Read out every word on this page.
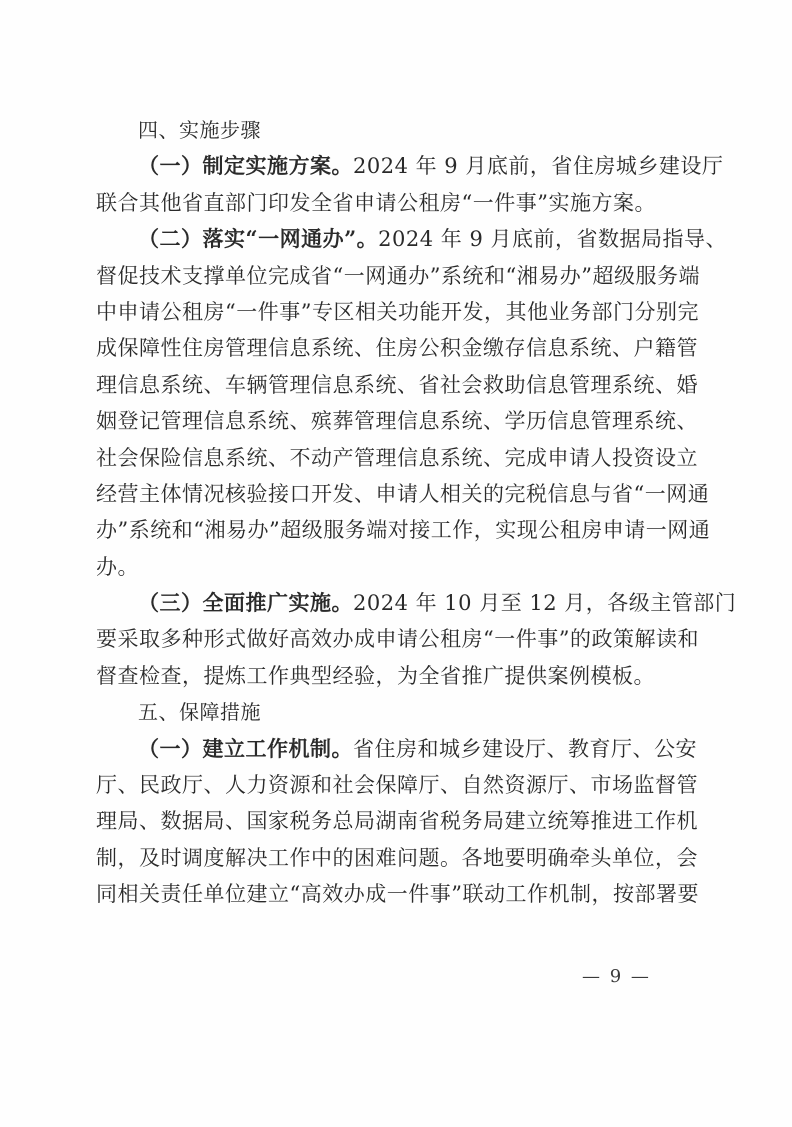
四、实施步骤
（一）制定实施方案。2024 年 9 月底前，省住房城乡建设厅
联合其他省直部门印发全省申请公租房“一件事”实施方案。
（二）落实“一网通办”。2024 年 9 月底前，省数据局指导、
督促技术支撑单位完成省“一网通办”系统和“湘易办”超级服务端
中申请公租房“一件事”专区相关功能开发，其他业务部门分别完
成保障性住房管理信息系统、住房公积金缴存信息系统、户籍管
理信息系统、车辆管理信息系统、省社会救助信息管理系统、婚
姻登记管理信息系统、殡葬管理信息系统、学历信息管理系统、
社会保险信息系统、不动产管理信息系统、完成申请人投资设立
经营主体情况核验接口开发、申请人相关的完税信息与省“一网通
办”系统和“湘易办”超级服务端对接工作，实现公租房申请一网通
办。
（三）全面推广实施。2024 年 10 月至 12 月，各级主管部门
要采取多种形式做好高效办成申请公租房“一件事”的政策解读和
督查检查，提炼工作典型经验，为全省推广提供案例模板。
五、保障措施
（一）建立工作机制。省住房和城乡建设厅、教育厅、公安
厅、民政厅、人力资源和社会保障厅、自然资源厅、市场监督管
理局、数据局、国家税务总局湖南省税务局建立统筹推进工作机
制，及时调度解决工作中的困难问题。各地要明确牵头单位，会
同相关责任单位建立“高效办成一件事”联动工作机制，按部署要
— 9 —
